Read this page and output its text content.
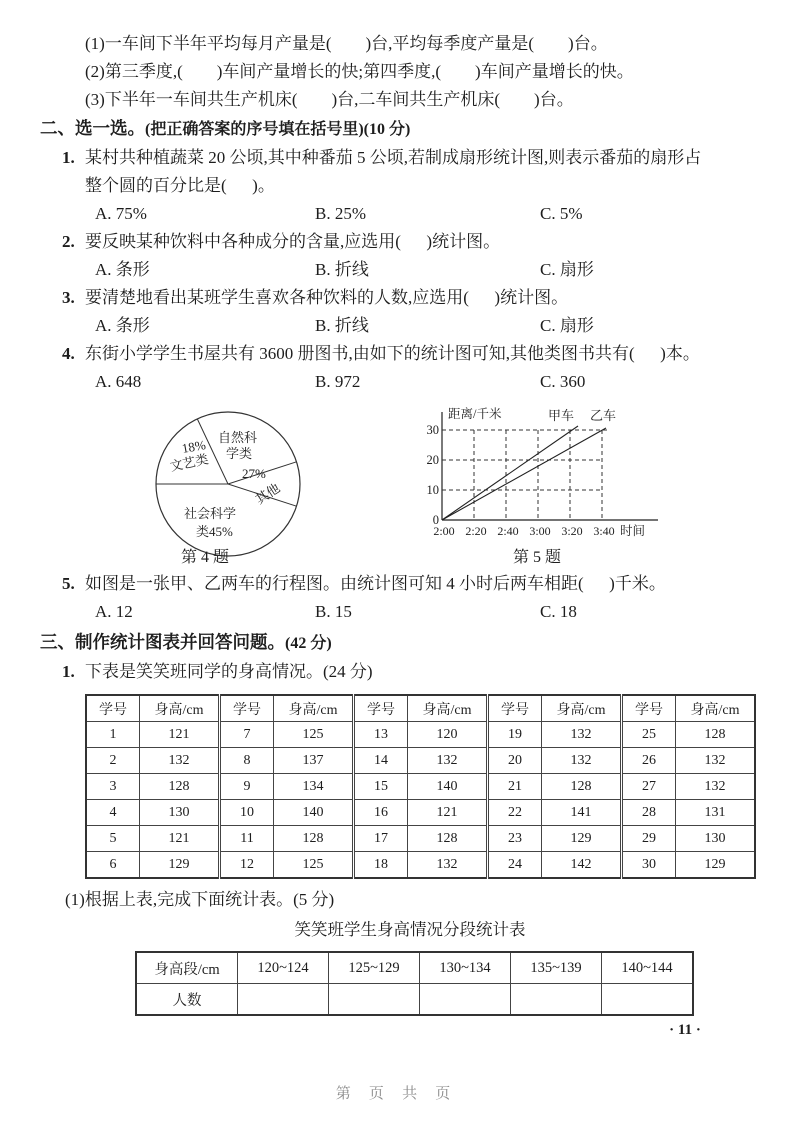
(1)一车间下半年平均每月产量是(        )台,平均每季度产量是(        )台。
(2)第三季度,(        )车间产量增长的快;第四季度,(        )车间产量增长的快。
(3)下半年一车间共生产机床(        )台,二车间共生产机床(        )台。
二、选一选。(把正确答案的序号填在括号里)(10 分)
1. 某村共种植蔬菜 20 公顷,其中种番茄 5 公顷,若制成扇形统计图,则表示番茄的扇形占
整个圆的百分比是(      )。
A. 75%	B. 25%	C. 5%
2. 要反映某种饮料中各种成分的含量,应选用(      )统计图。
A. 条形	B. 折线	C. 扇形
3. 要清楚地看出某班学生喜欢各种饮料的人数,应选用(      )统计图。
A. 条形	B. 折线	C. 扇形
4. 东街小学学生书屋共有 3600 册图书,由如下的统计图可知,其他类图书共有(      )本。
A. 648	B. 972	C. 360
18%
文艺类
自然科
学类
27%
其他
社会科学
类45%
距离/千米	甲车 乙车
30
20
10
0
2:00 2:20 2:40 3:00 3:20 3:40 时间
第 4 题	第 5 题
5. 如图是一张甲、乙两车的行程图。由统计图可知 4 小时后两车相距(      )千米。
A. 12	B. 15	C. 18
三、制作统计图表并回答问题。(42 分)
1. 下表是笑笑班同学的身高情况。(24 分)
学号	身高/cm	学号	身高/cm	学号	身高/cm	学号	身高/cm	学号	身高/cm
1	121	7	125	13	120	19	132	25	128
2	132	8	137	14	132	20	132	26	132
3	128	9	134	15	140	21	128	27	132
4	130	10	140	16	121	22	141	28	131
5	121	11	128	17	128	23	129	29	130
6	129	12	125	18	132	24	142	30	129
(1)根据上表,完成下面统计表。(5 分)
笑笑班学生身高情况分段统计表
身高段/cm	120~124	125~129	130~134	135~139	140~144
人数					
· 11 ·
第 页 共 页
